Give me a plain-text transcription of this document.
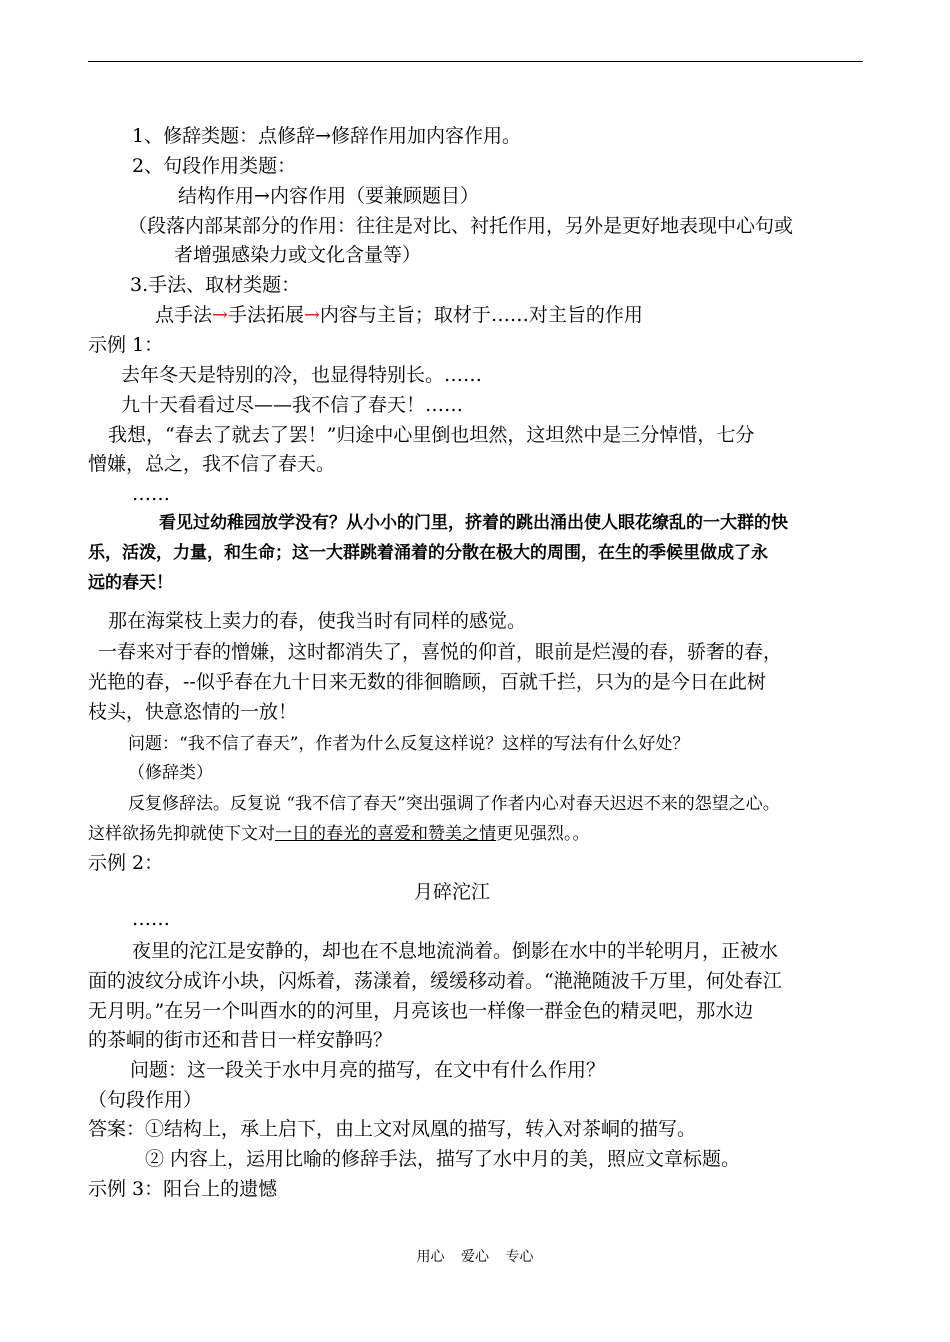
1、修辞类题：点修辞→修辞作用加内容作用。
2、句段作用类题：
结构作用→内容作用（要兼顾题目）
（段落内部某部分的作用：往往是对比、衬托作用，另外是更好地表现中心句或
者增强感染力或文化含量等）
3.手法、取材类题：
点手法→手法拓展→内容与主旨；取材于……对主旨的作用
示例 1：
去年冬天是特别的冷，也显得特别长。……
九十天看看过尽——我不信了春天！……
我想，“春去了就去了罢！”归途中心里倒也坦然，这坦然中是三分悼惜，七分
憎嫌，总之，我不信了春天。
……
看见过幼稚园放学没有？从小小的门里，挤着的跳出涌出使人眼花缭乱的一大群的快
乐，活泼，力量，和生命；这一大群跳着涌着的分散在极大的周围，在生的季候里做成了永
远的春天！
那在海棠枝上卖力的春，使我当时有同样的感觉。
一春来对于春的憎嫌，这时都消失了，喜悦的仰首，眼前是烂漫的春，骄奢的春，
光艳的春，--似乎春在九十日来无数的徘徊瞻顾，百就千拦，只为的是今日在此树
枝头，快意恣情的一放！
问题：“我不信了春天”，作者为什么反复这样说？这样的写法有什么好处？
（修辞类）
反复修辞法。反复说 “我不信了春天”突出强调了作者内心对春天迟迟不来的怨望之心。
这样欲扬先抑就使下文对一日的春光的喜爱和赞美之情更见强烈。。
示例 2：
月碎沱江
……
夜里的沱江是安静的，却也在不息地流淌着。倒影在水中的半轮明月，正被水
面的波纹分成许小块，闪烁着，荡漾着，缓缓移动着。“滟滟随波千万里，何处春江
无月明。”在另一个叫酉水的的河里，月亮该也一样像一群金色的精灵吧，那水边
的茶峒的街市还和昔日一样安静吗？
问题：这一段关于水中月亮的描写，在文中有什么作用？
（句段作用）
答案：①结构上，承上启下，由上文对凤凰的描写，转入对茶峒的描写。
② 内容上，运用比喻的修辞手法，描写了水中月的美，照应文章标题。
示例 3：阳台上的遗憾
用心 爱心 专心
